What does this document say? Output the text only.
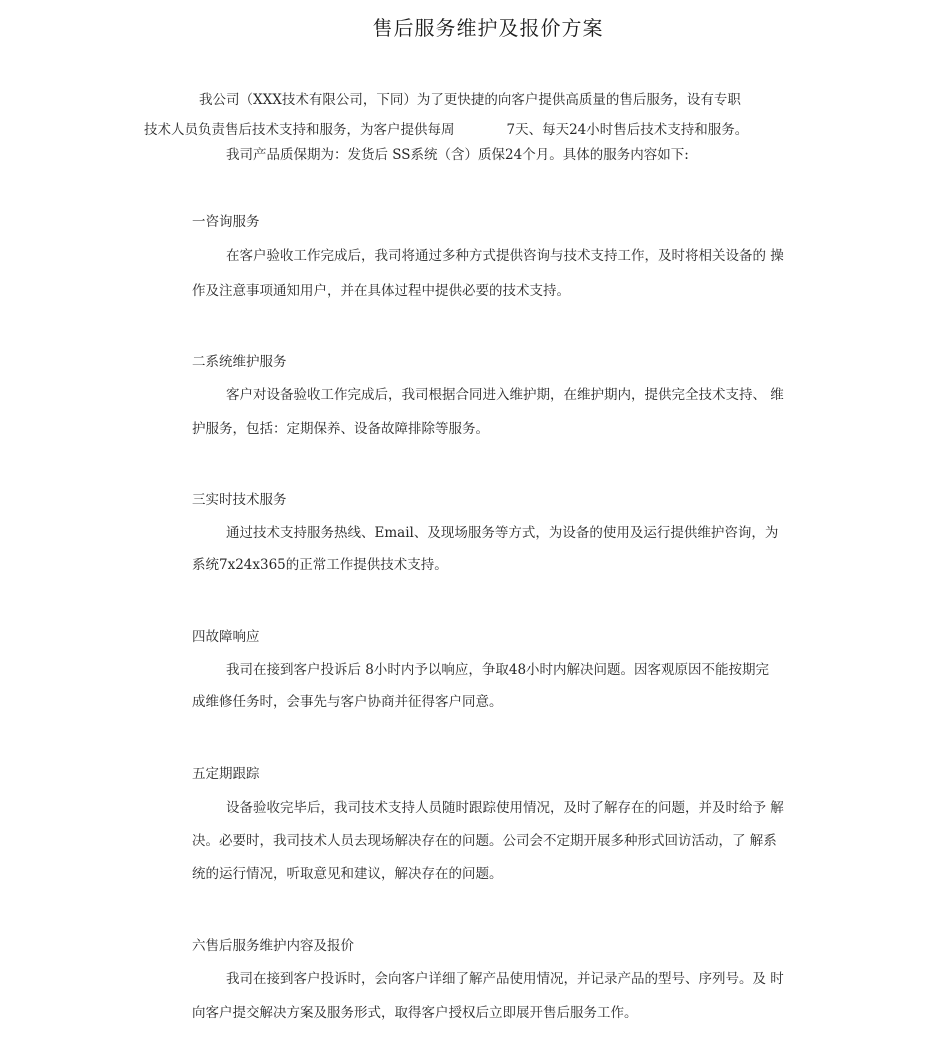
售后服务维护及报价方案
我公司（XXX技术有限公司，下同）为了更快捷的向客户提供高质量的售后服务，设有专职
技术人员负责售后技术支持和服务，为客户提供每周	7天、每天24小时售后技术支持和服务。
我司产品质保期为：发货后 SS系统（含）质保24个月。具体的服务内容如下:
一咨询服务
在客户验收工作完成后，我司将通过多种方式提供咨询与技术支持工作，及时将相关设备的 操
作及注意事项通知用户，并在具体过程中提供必要的技术支持。
二系统维护服务
客户对设备验收工作完成后，我司根据合同进入维护期，在维护期内，提供完全技术支持、 维
护服务，包括：定期保养、设备故障排除等服务。
三实时技术服务
通过技术支持服务热线、Email、及现场服务等方式，为设备的使用及运行提供维护咨询，为
系统7x24x365的正常工作提供技术支持。
四故障响应
我司在接到客户投诉后 8小时内予以响应，争取48小时内解决问题。因客观原因不能按期完
成维修任务时，会事先与客户协商并征得客户同意。
五定期跟踪
设备验收完毕后，我司技术支持人员随时跟踪使用情况，及时了解存在的问题，并及时给予 解
决。必要时，我司技术人员去现场解决存在的问题。公司会不定期开展多种形式回访活动，了 解系
统的运行情况，听取意见和建议，解决存在的问题。
六售后服务维护内容及报价
我司在接到客户投诉时，会向客户详细了解产品使用情况，并记录产品的型号、序列号。及 时
向客户提交解决方案及服务形式，取得客户授权后立即展开售后服务工作。
